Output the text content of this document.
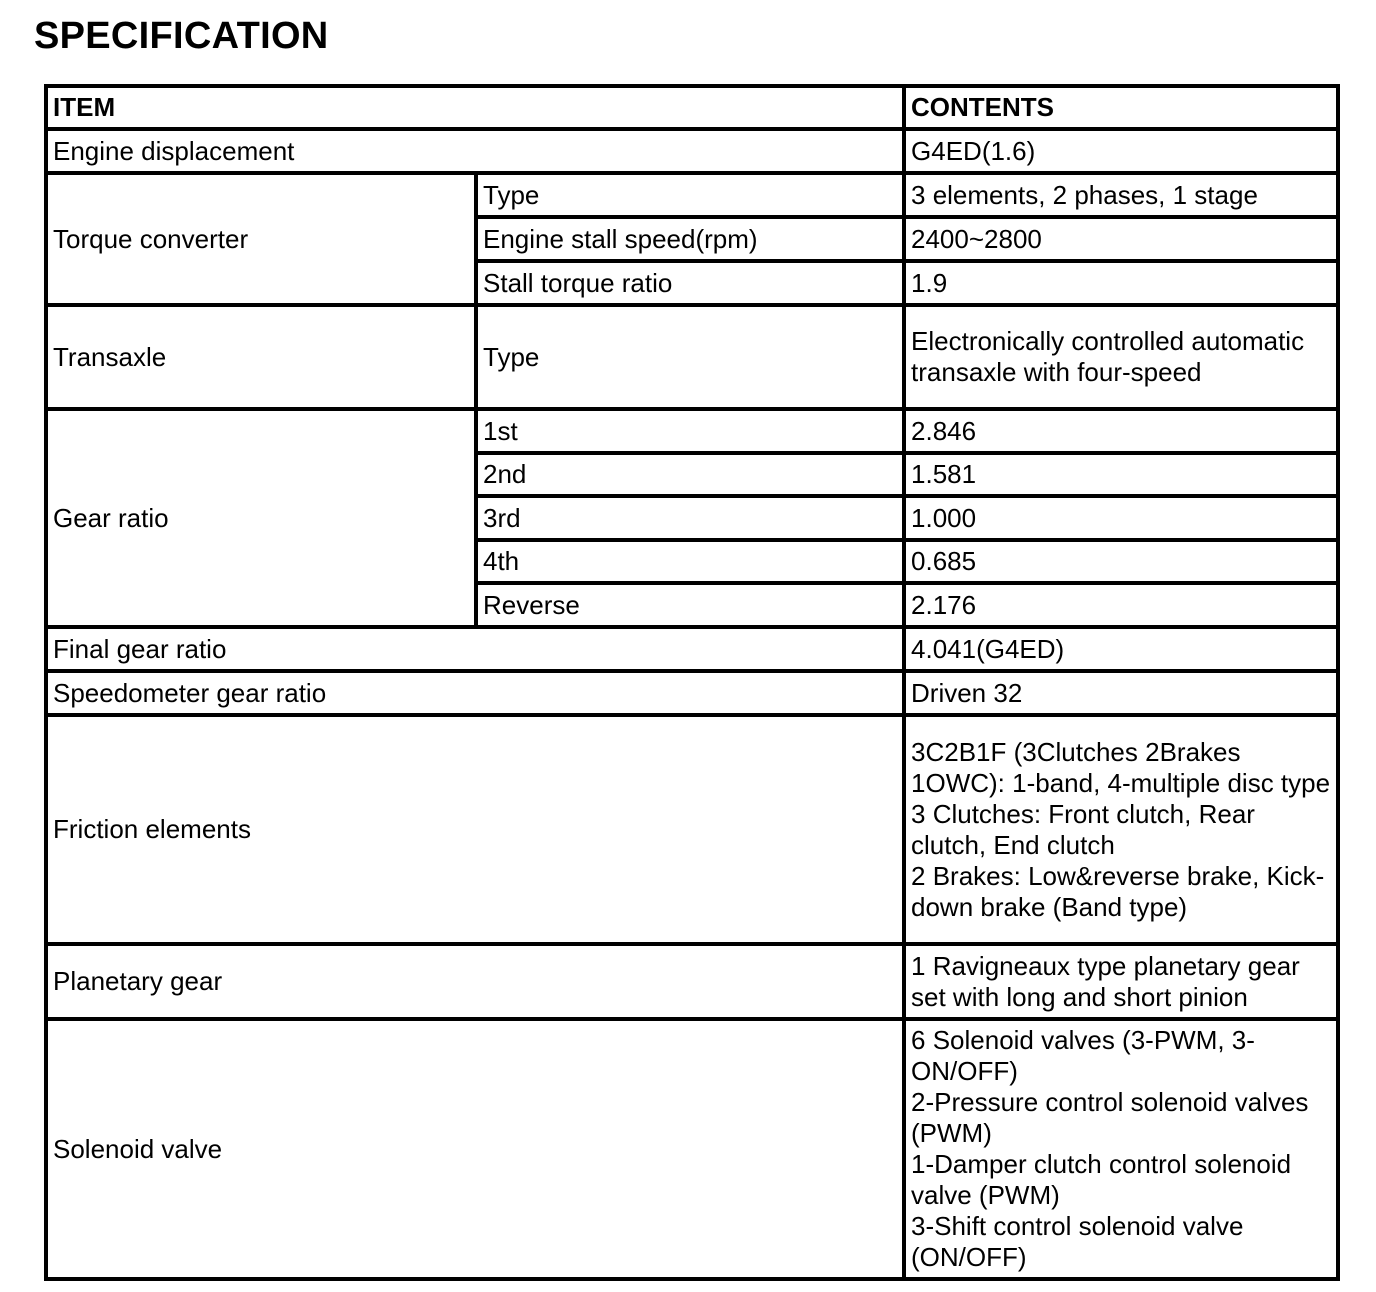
SPECIFICATION
ITEM		CONTENTS
Engine displacement		G4ED(1.6)
Torque converter	Type	3 elements, 2 phases, 1 stage
	Engine stall speed(rpm)	2400~2800
	Stall torque ratio	1.9
Transaxle	Type	Electronically controlled automatic transaxle with four-speed
Gear ratio	1st	2.846
	2nd	1.581
	3rd	1.000
	4th	0.685
	Reverse	2.176
Final gear ratio		4.041(G4ED)
Speedometer gear ratio		Driven 32
Friction elements		3C2B1F (3Clutches 2Brakes 1OWC): 1-band, 4-multiple disc type
3 Clutches: Front clutch, Rear clutch, End clutch
2 Brakes: Low&reverse brake, Kick-down brake (Band type)

Planetary gear		1 Ravigneaux type planetary gear set with long and short pinion
Solenoid valve		6 Solenoid valves (3-PWM, 3-ON/OFF)
2-Pressure control solenoid valves (PWM)
1-Damper clutch control solenoid valve (PWM)
3-Shift control solenoid valve (ON/OFF)
